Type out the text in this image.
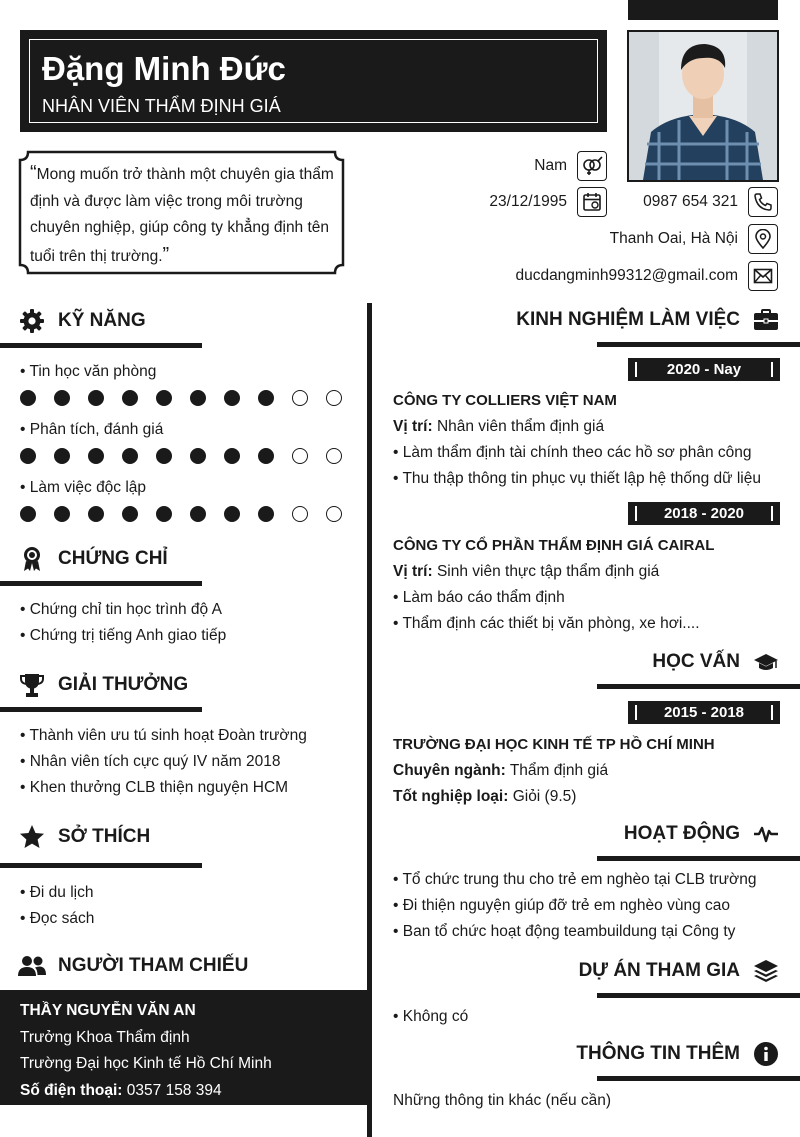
Đặng Minh Đức
NHÂN VIÊN THẨM ĐỊNH GIÁ
“Mong muốn trở thành một chuyên gia thẩm định và được làm việc trong môi trường chuyên nghiệp, giúp công ty khẳng định tên tuổi trên thị trường.”
Nam
23/12/1995	0987 654 321
Thanh Oai, Hà Nội
ducdangminh99312@gmail.com
KỸ NĂNG
• Tin học văn phòng
• Phân tích, đánh giá
• Làm việc độc lập
CHỨNG CHỈ
• Chứng chỉ tin học trình độ A
• Chứng trị tiếng Anh giao tiếp
GIẢI THƯỞNG
• Thành viên ưu tú sinh hoạt Đoàn trường
• Nhân viên tích cực quý IV năm 2018
• Khen thưởng CLB thiện nguyện HCM
SỞ THÍCH
• Đi du lịch
• Đọc sách
NGƯỜI THAM CHIẾU
THẦY NGUYỄN VĂN AN
Trưởng Khoa Thẩm định
Trường Đại học Kinh tế Hồ Chí Minh
Số điện thoại: 0357 158 394
KINH NGHIỆM LÀM VIỆC
2020 - Nay
CÔNG TY COLLIERS VIỆT NAM
Vị trí: Nhân viên thẩm định giá
• Làm thẩm định tài chính theo các hồ sơ phân công
• Thu thập thông tin phục vụ thiết lập hệ thống dữ liệu
2018 - 2020
CÔNG TY CỔ PHẦN THẨM ĐỊNH GIÁ CAIRAL
Vị trí: Sinh viên thực tập thẩm định giá
• Làm báo cáo thẩm định
• Thẩm định các thiết bị văn phòng, xe hơi....
HỌC VẤN
2015 - 2018
TRƯỜNG ĐẠI HỌC KINH TẾ TP HỒ CHÍ MINH
Chuyên ngành: Thẩm định giá
Tốt nghiệp loại: Giỏi (9.5)
HOẠT ĐỘNG
• Tổ chức trung thu cho trẻ em nghèo tại CLB trường
• Đi thiện nguyện giúp đỡ trẻ em nghèo vùng cao
• Ban tổ chức hoạt động teambuildung tại Công ty
DỰ ÁN THAM GIA
• Không có
THÔNG TIN THÊM
Những thông tin khác (nếu cần)
